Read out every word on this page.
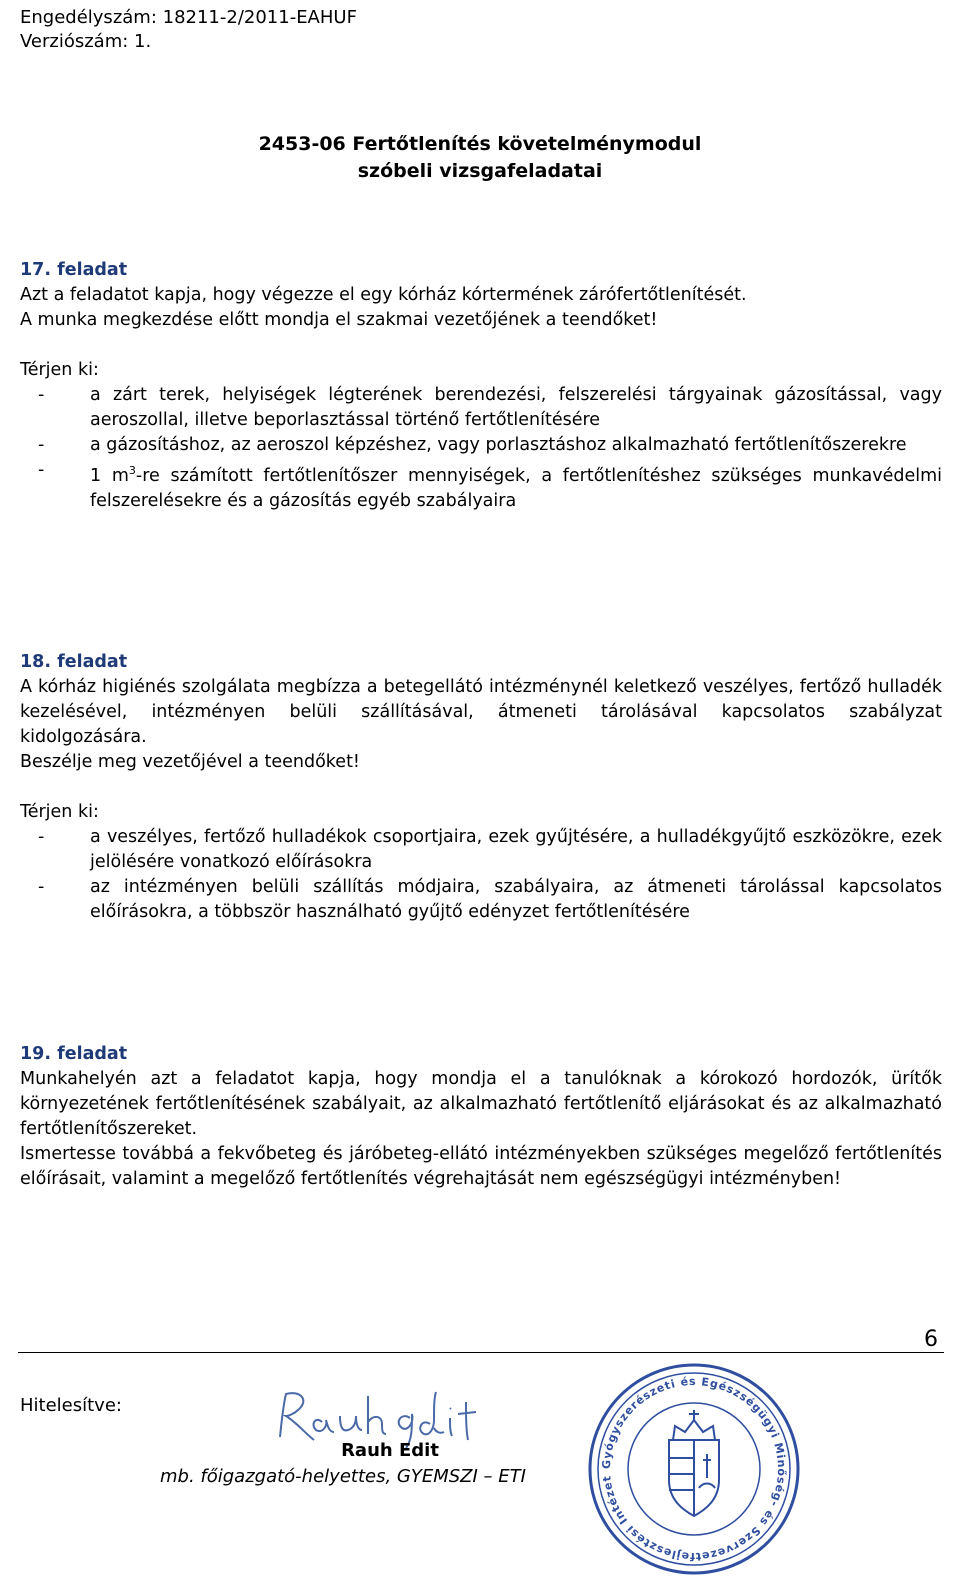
Engedélyszám: 18211-2/2011-EAHUF
Verziószám: 1.
2453-06 Fertőtlenítés követelménymodul
szóbeli vizsgafeladatai
17. feladat
Azt a feladatot kapja, hogy végezze el egy kórház kórtermének zárófertőtlenítését.
A munka megkezdése előtt mondja el szakmai vezetőjének a teendőket!
Térjen ki:
-	a zárt terek, helyiségek légterének berendezési, felszerelési tárgyainak gázosítással, vagy aeroszollal, illetve beporlasztással történő fertőtlenítésére
-	a gázosításhoz, az aeroszol képzéshez, vagy porlasztáshoz alkalmazható fertőtlenítőszerekre
-	1 $m^3-re$ számított fertőtlenítőszer mennyiségek, a fertőtlenítéshez szükséges munkavédelmi felszerelésekre és a gázosítás egyéb szabályaira
18. feladat
A kórház higiénés szolgálata megbízza a betegellátó intézménynél keletkező veszélyes, fertőző hulladék kezelésével, intézményen belüli szállításával, átmeneti tárolásával kapcsolatos szabályzat kidolgozására.
Beszélje meg vezetőjével a teendőket!
Térjen ki:
-	a veszélyes, fertőző hulladékok csoportjaira, ezek gyűjtésére, a hulladékgyűjtő eszközökre, ezek jelölésére vonatkozó előírásokra
-	az intézményen belüli szállítás módjaira, szabályaira, az átmeneti tárolással kapcsolatos előírásokra, a többször használható gyűjtő edényzet fertőtlenítésére
19. feladat
Munkahelyén azt a feladatot kapja, hogy mondja el a tanulóknak a kórokozó hordozók, ürítők környezetének fertőtlenítésének szabályait, az alkalmazható fertőtlenítő eljárásokat és az alkalmazható fertőtlenítőszereket.
Ismertesse továbbá a fekvőbeteg és járóbeteg-ellátó intézményekben szükséges megelőző fertőtlenítés előírásait, valamint a megelőző fertőtlenítés végrehajtását nem egészségügyi intézményben!
6
Hitelesítve:
Rauh Edit
mb. főigazgató-helyettes, GYEMSZI – ETI
Gyógyszerészeti és Egészségügyi Minőség- és Szervezetfejlesztési Intézet
